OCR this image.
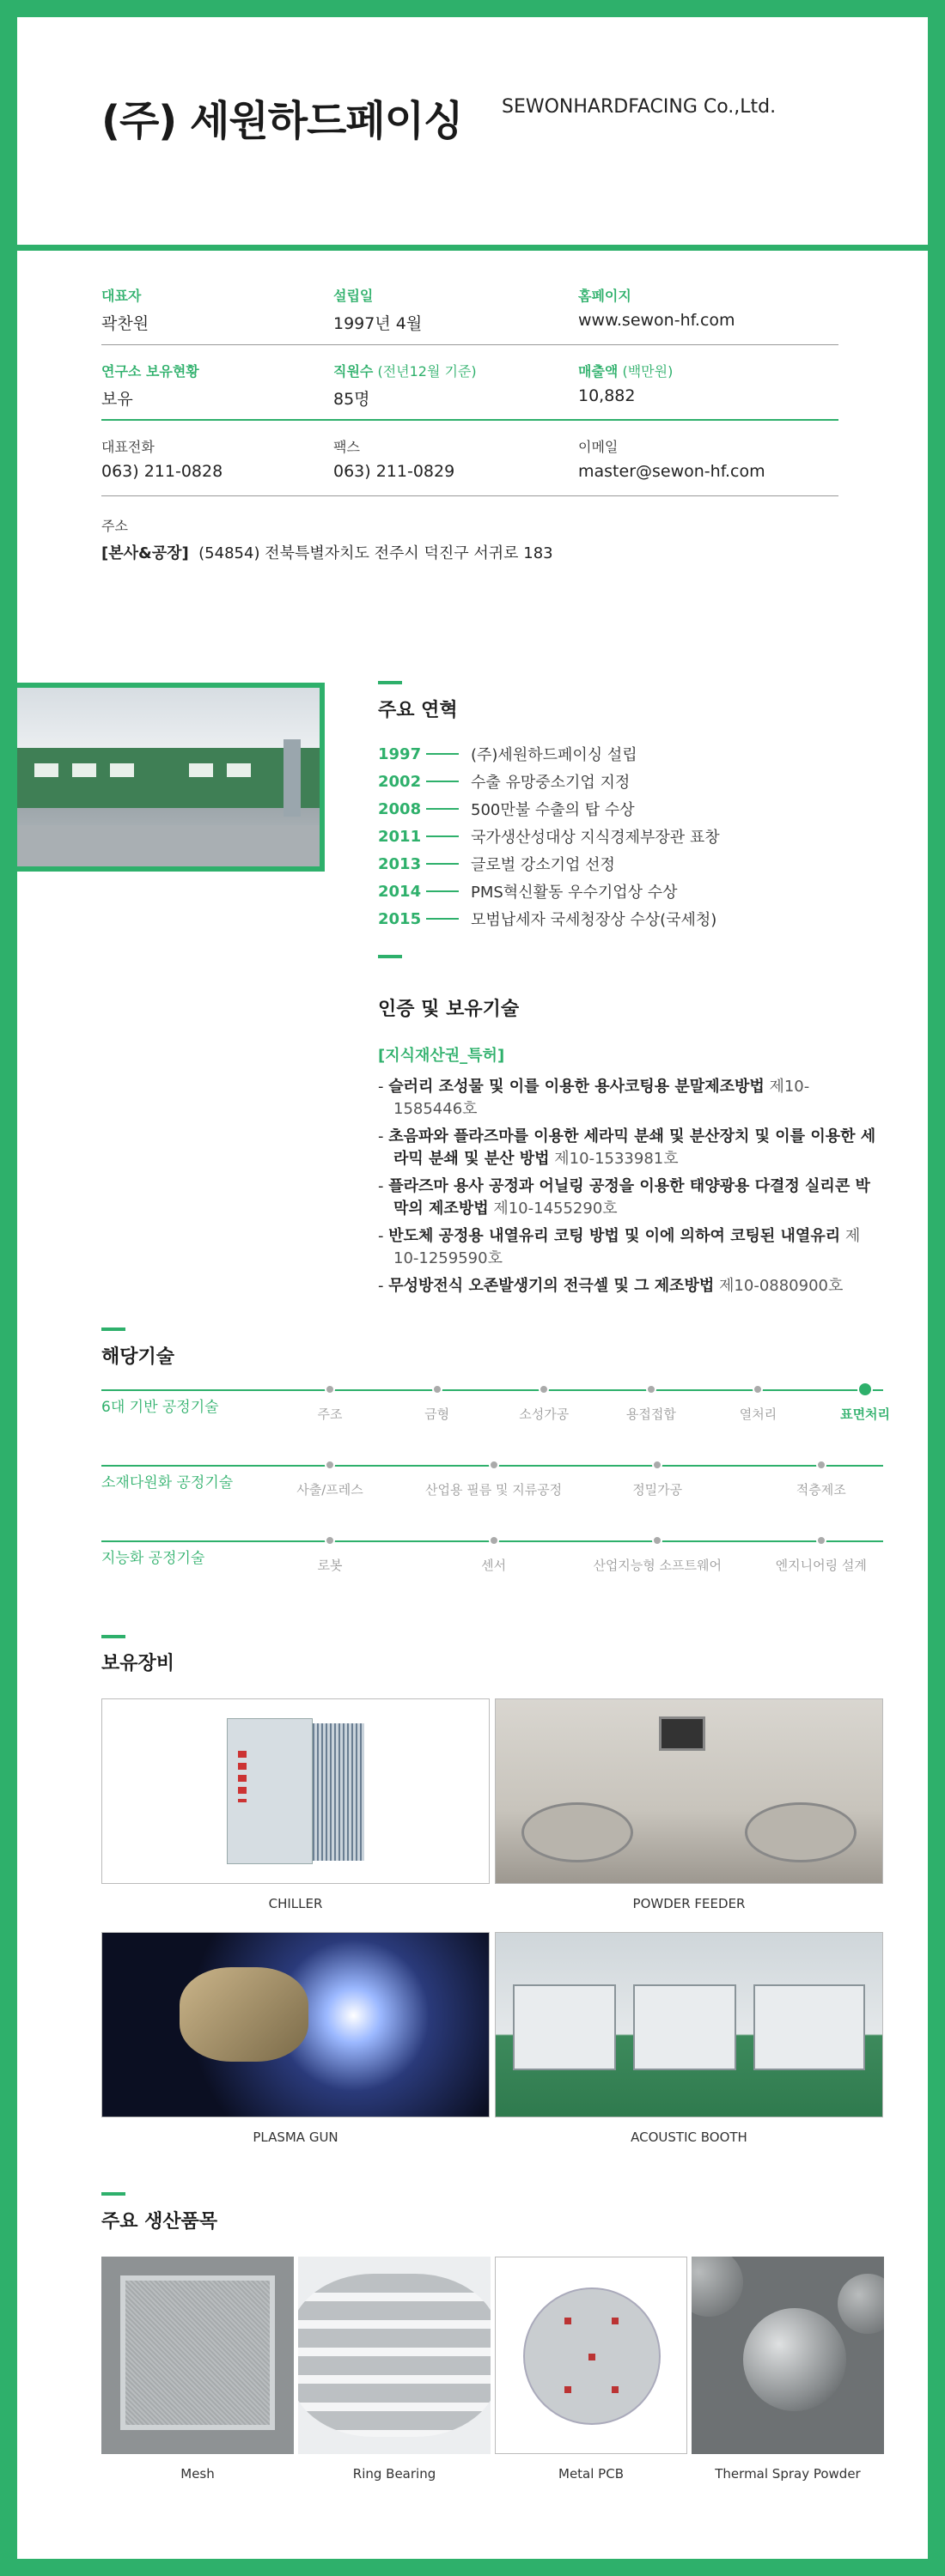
(주) 세원하드페이싱 SEWONHARDFACING Co.,Ltd.
대표자
곽찬원
설립일
1997년 4월
홈페이지
www.sewon-hf.com
연구소 보유현황
보유
직원수 (전년12월 기준)
85명
매출액 (백만원)
10,882
대표전화
063) 211-0828
팩스
063) 211-0829
이메일
master@sewon-hf.com
주소
[본사&공장] (54854) 전북특별자치도 전주시 덕진구 서귀로 183
주요 연혁
1997	(주)세원하드페이싱 설립
2002	수출 유망중소기업 지정
2008	500만불 수출의 탑 수상
2011	국가생산성대상 지식경제부장관 표창
2013	글로벌 강소기업 선정
2014	PMS혁신활동 우수기업상 수상
2015	모범납세자 국세청장상 수상(국세청)
인증 및 보유기술
[지식재산권_특허]
- 슬러리 조성물 및 이를 이용한 용사코팅용 분말제조방법 제10-1585446호
- 초음파와 플라즈마를 이용한 세라믹 분쇄 및 분산장치 및 이를 이용한 세라믹 분쇄 및 분산 방법 제10-1533981호
- 플라즈마 용사 공정과 어닐링 공정을 이용한 태양광용 다결정 실리콘 박막의 제조방법 제10-1455290호
- 반도체 공정용 내열유리 코팅 방법 및 이에 의하여 코팅된 내열유리 제10-1259590호
- 무성방전식 오존발생기의 전극셀 및 그 제조방법 제10-0880900호
해당기술
6대 기반 공정기술	주조	금형	소성가공	용접접합	열처리	표면처리
소재다원화 공정기술	사출/프레스	산업용 필름 및 지류공정	정밀가공	적층제조
지능화 공정기술	로봇	센서	산업지능형 소프트웨어	엔지니어링 설계
보유장비
CHILLER	POWDER FEEDER
PLASMA GUN	ACOUSTIC BOOTH
주요 생산품목
Mesh	Ring Bearing	Metal PCB	Thermal Spray Powder
